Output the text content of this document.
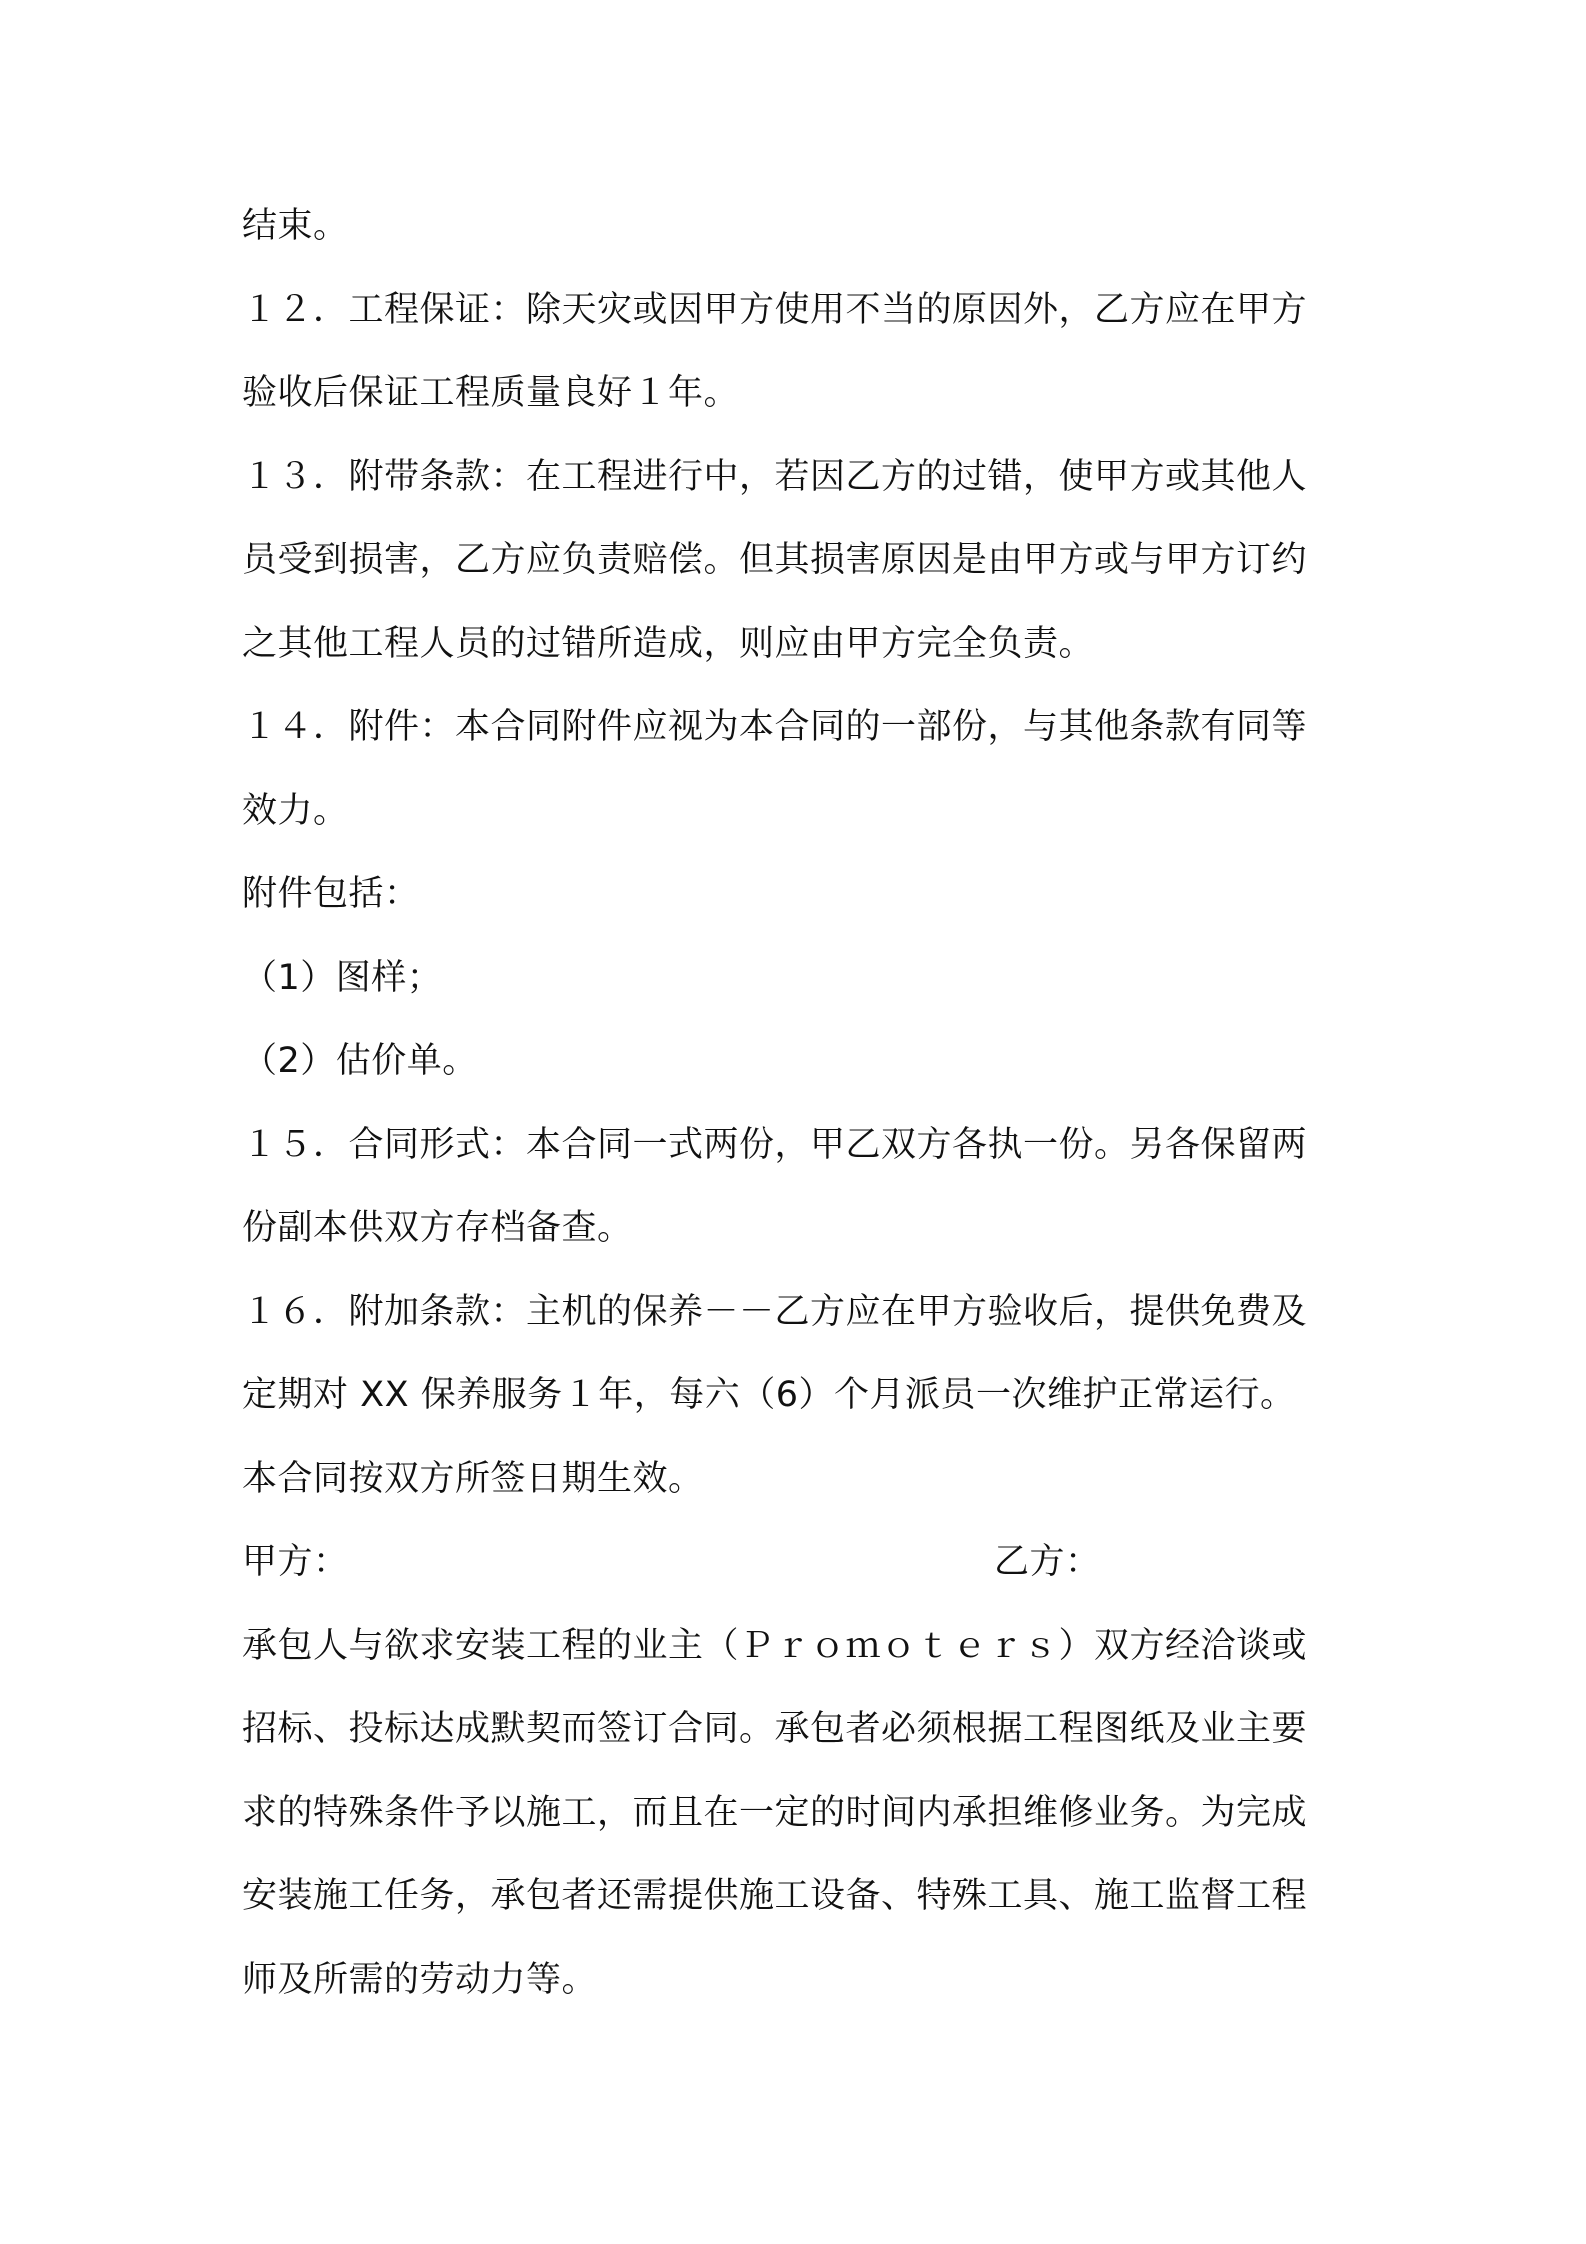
结束。
１２．工程保证：除天灾或因甲方使用不当的原因外，乙方应在甲方
验收后保证工程质量良好１年。
１３．附带条款：在工程进行中，若因乙方的过错，使甲方或其他人
员受到损害，乙方应负责赔偿。但其损害原因是由甲方或与甲方订约
之其他工程人员的过错所造成，则应由甲方完全负责。
１４．附件：本合同附件应视为本合同的一部份，与其他条款有同等
效力。
附件包括：
（1）图样；
（2）估价单。
１５．合同形式：本合同一式两份，甲乙双方各执一份。另各保留两
份副本供双方存档备查。
１６．附加条款：主机的保养－－乙方应在甲方验收后，提供免费及
定期对 XX 保养服务１年，每六（6）个月派员一次维护正常运行。
本合同按双方所签日期生效。
甲方：	乙方：
承包人与欲求安装工程的业主（Ｐｒｏｍｏｔｅｒｓ）双方经洽谈或
招标、投标达成默契而签订合同。承包者必须根据工程图纸及业主要
求的特殊条件予以施工，而且在一定的时间内承担维修业务。为完成
安装施工任务，承包者还需提供施工设备、特殊工具、施工监督工程
师及所需的劳动力等。
